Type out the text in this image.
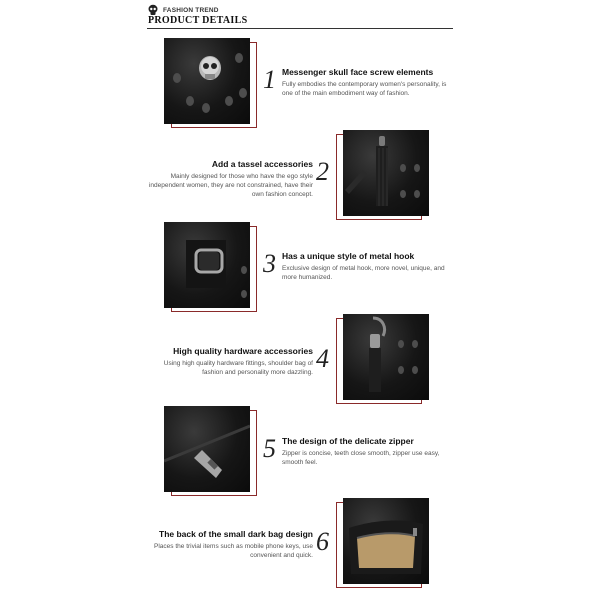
FASHION TREND
PRODUCT DETAILS
1 Messenger skull face screw elements
Fully embodies the contemporary women's personality, is one of the main embodiment way of fashion.
Add a tassel accessories
Mainly designed for those who have the ego style independent women, they are not constrained, have their own fashion concept.
2
3 Has a unique style of metal hook
Exclusive design of metal hook, more novel, unique, and more humanized.
High quality hardware accessories
Using high quality hardware fittings, shoulder bag of fashion and personality more dazzling. 4
5 The design of the delicate zipper
Zipper is concise, teeth close smooth, zipper use easy, smooth feel.
The back of the small dark bag design
Places the trivial items such as mobile phone keys, use convenient and quick. 6
